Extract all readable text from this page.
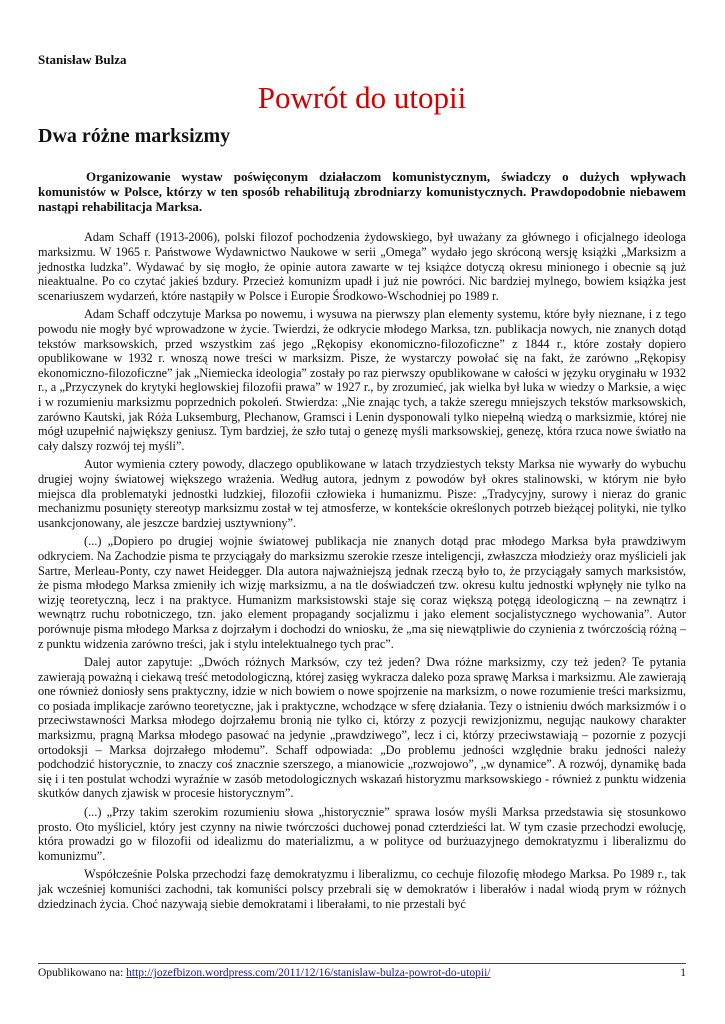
Stanisław Bulza

Powrót do utopii
Dwa różne marksizmy

Organizowanie wystaw poświęconym działaczom komunistycznym, świadczy o dużych wpływach komunistów w Polsce, którzy w ten sposób rehabilitują zbrodniarzy komunistycznych. Prawdopodobnie niebawem nastąpi rehabilitacja Marksa.

Adam Schaff (1913-2006), polski filozof pochodzenia żydowskiego, był uważany za głównego i oficjalnego ideologa marksizmu. W 1965 r. Państwowe Wydawnictwo Naukowe w serii „Omega” wydało jego skróconą wersję książki „Marksizm a jednostka ludzka”. Wydawać by się mogło, że opinie autora zawarte w tej książce dotyczą okresu minionego i obecnie są już nieaktualne. Po co czytać jakieś bzdury. Przecież komunizm upadł i już nie powróci. Nic bardziej mylnego, bowiem książka jest scenariuszem wydarzeń, które nastąpiły w Polsce i Europie Środkowo-Wschodniej po 1989 r.

Adam Schaff odczytuje Marksa po nowemu, i wysuwa na pierwszy plan elementy systemu, które były nieznane, i z tego powodu nie mogły być wprowadzone w życie. Twierdzi, że odkrycie młodego Marksa, tzn. publikacja nowych, nie znanych dotąd tekstów marksowskich, przed wszystkim zaś jego „Rękopisy ekonomiczno-filozoficzne” z 1844 r., które zostały dopiero opublikowane w 1932 r. wnoszą nowe treści w marksizm. Pisze, że wystarczy powołać się na fakt, że zarówno „Rękopisy ekonomiczno-filozoficzne” jak „Niemiecka ideologia” zostały po raz pierwszy opublikowane w całości w języku oryginału w 1932 r., a „Przyczynek do krytyki heglowskiej filozofii prawa” w 1927 r., by zrozumieć, jak wielka był luka w wiedzy o Marksie, a więc i w rozumieniu marksizmu poprzednich pokoleń. Stwierdza: „Nie znając tych, a także szeregu mniejszych tekstów marksowskich, zarówno Kautski, jak Róża Luksemburg, Plechanow, Gramsci i Lenin dysponowali tylko niepełną wiedzą o marksizmie, której nie mógł uzupełnić największy geniusz. Tym bardziej, że szło tutaj o genezę myśli marksowskiej, genezę, która rzuca nowe światło na cały dalszy rozwój tej myśli”.

Autor wymienia cztery powody, dlaczego opublikowane w latach trzydziestych teksty Marksa nie wywarły do wybuchu drugiej wojny światowej większego wrażenia. Według autora, jednym z powodów był okres stalinowski, w którym nie było miejsca dla problematyki jednostki ludzkiej, filozofii człowieka i humanizmu. Pisze: „Tradycyjny, surowy i nieraz do granic mechanizmu posunięty stereotyp marksizmu został w tej atmosferze, w kontekście określonych potrzeb bieżącej polityki, nie tylko usankcjonowany, ale jeszcze bardziej usztywniony”.

(...) „Dopiero po drugiej wojnie światowej publikacja nie znanych dotąd prac młodego Marksa była prawdziwym odkryciem. Na Zachodzie pisma te przyciągały do marksizmu szerokie rzesze inteligencji, zwłaszcza młodzieży oraz myślicieli jak Sartre, Merleau-Ponty, czy nawet Heidegger. Dla autora najważniejszą jednak rzeczą było to, że przyciągały samych marksistów, że pisma młodego Marksa zmieniły ich wizję marksizmu, a na tle doświadczeń tzw. okresu kultu jednostki wpłynęły nie tylko na wizję teoretyczną, lecz i na praktyce. Humanizm marksistowski staje się coraz większą potęgą ideologiczną – na zewnątrz i wewnątrz ruchu robotniczego, tzn. jako element propagandy socjalizmu i jako element socjalistycznego wychowania”. Autor porównuje pisma młodego Marksa z dojrzałym i dochodzi do wniosku, że „ma się niewątpliwie do czynienia z twórczością różną – z punktu widzenia zarówno treści, jak i stylu intelektualnego tych prac”.

Dalej autor zapytuje: „Dwóch różnych Marksów, czy też jeden? Dwa różne marksizmy, czy też jeden? Te pytania zawierają poważną i ciekawą treść metodologiczną, której zasięg wykracza daleko poza sprawę Marksa i marksizmu. Ale zawierają one również doniosły sens praktyczny, idzie w nich bowiem o nowe spojrzenie na marksizm, o nowe rozumienie treści marksizmu, co posiada implikacje zarówno teoretyczne, jak i praktyczne, wchodzące w sferę działania. Tezy o istnieniu dwóch marksizmów i o przeciwstawności Marksa młodego dojrzałemu bronią nie tylko ci, którzy z pozycji rewizjonizmu, negując naukowy charakter marksizmu, pragną Marksa młodego pasować na jedynie „prawdziwego”, lecz i ci, którzy przeciwstawiają – pozornie z pozycji ortodoksji – Marksa dojrzałego młodemu”. Schaff odpowiada: „Do problemu jedności względnie braku jedności należy podchodzić historycznie, to znaczy coś znacznie szerszego, a mianowicie „rozwojowo”, „w dynamice”. A rozwój, dynamikę bada się i i ten postulat wchodzi wyraźnie w zasób metodologicznych wskazań historyzmu marksowskiego - również z punktu widzenia skutków danych zjawisk w procesie historycznym”.

(...) „Przy takim szerokim rozumieniu słowa „historycznie” sprawa losów myśli Marksa przedstawia się stosunkowo prosto. Oto myśliciel, który jest czynny na niwie twórczości duchowej ponad czterdzieści lat. W tym czasie przechodzi ewolucję, która prowadzi go w filozofii od idealizmu do materializmu, a w polityce od burżuazyjnego demokratyzmu i liberalizmu do komunizmu”.

Współcześnie Polska przechodzi fazę demokratyzmu i liberalizmu, co cechuje filozofię młodego Marksa. Po 1989 r., tak jak wcześniej komuniści zachodni, tak komuniści polscy przebrali się w demokratów i liberałów i nadal wiodą prym w różnych dziedzinach życia. Choć nazywają siebie demokratami i liberałami, to nie przestali być

Opublikowano na: http://jozefbizon.wordpress.com/2011/12/16/stanislaw-bulza-powrot-do-utopii/	1
